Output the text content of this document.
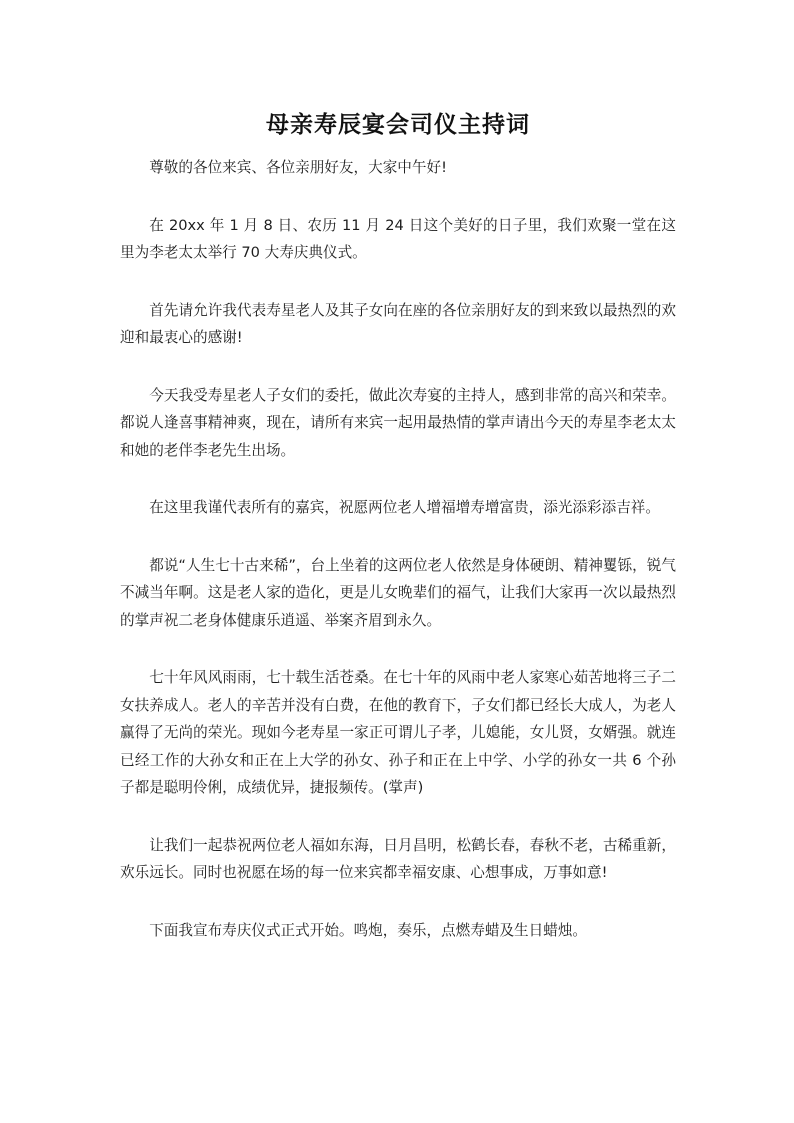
母亲寿辰宴会司仪主持词

尊敬的各位来宾、各位亲朋好友，大家中午好!

在 20xx 年 1 月 8 日、农历 11 月 24 日这个美好的日子里，我们欢聚一堂在这里为李老太太举行 70 大寿庆典仪式。

首先请允许我代表寿星老人及其子女向在座的各位亲朋好友的到来致以最热烈的欢迎和最衷心的感谢!

今天我受寿星老人子女们的委托，做此次寿宴的主持人，感到非常的高兴和荣幸。都说人逢喜事精神爽，现在，请所有来宾一起用最热情的掌声请出今天的寿星李老太太和她的老伴李老先生出场。

在这里我谨代表所有的嘉宾，祝愿两位老人增福增寿增富贵，添光添彩添吉祥。

都说“人生七十古来稀”，台上坐着的这两位老人依然是身体硬朗、精神矍铄，锐气不减当年啊。这是老人家的造化，更是儿女晚辈们的福气，让我们大家再一次以最热烈的掌声祝二老身体健康乐逍遥、举案齐眉到永久。

七十年风风雨雨，七十载生活苍桑。在七十年的风雨中老人家寒心茹苦地将三子二女扶养成人。老人的辛苦并没有白费，在他的教育下，子女们都已经长大成人，为老人赢得了无尚的荣光。现如今老寿星一家正可谓儿子孝，儿媳能，女儿贤，女婿强。就连已经工作的大孙女和正在上大学的孙女、孙子和正在上中学、小学的孙女一共 6 个孙子都是聪明伶俐，成绩优异，捷报频传。(掌声)

让我们一起恭祝两位老人福如东海，日月昌明，松鹤长春，春秋不老，古稀重新，欢乐远长。同时也祝愿在场的每一位来宾都幸福安康、心想事成，万事如意!

下面我宣布寿庆仪式正式开始。鸣炮，奏乐，点燃寿蜡及生日蜡烛。
